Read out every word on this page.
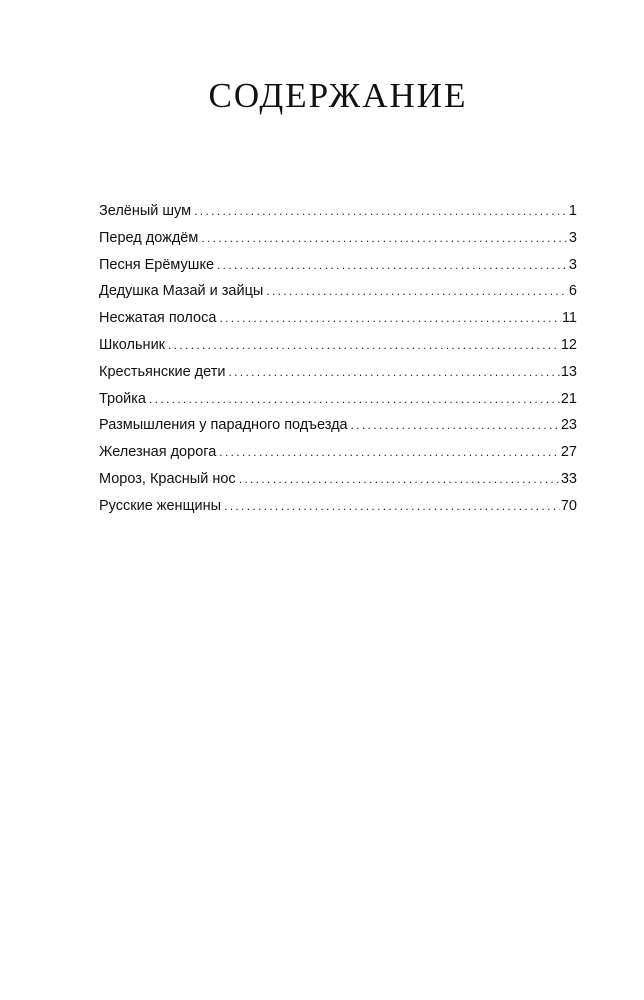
СОДЕРЖАНИЕ
Зелёный шум . . .	1
Перед дождём . . .	3
Песня Ерёмушке . . .	3
Дедушка Мазай и зайцы . . .	6
Несжатая полоса . . .	11
Школьник . . .	12
Крестьянские дети . . .	13
Тройка . . .	21
Размышления у парадного подъезда . . .	23
Железная дорога . . .	27
Мороз, Красный нос . . .	33
Русские женщины . . .	70
